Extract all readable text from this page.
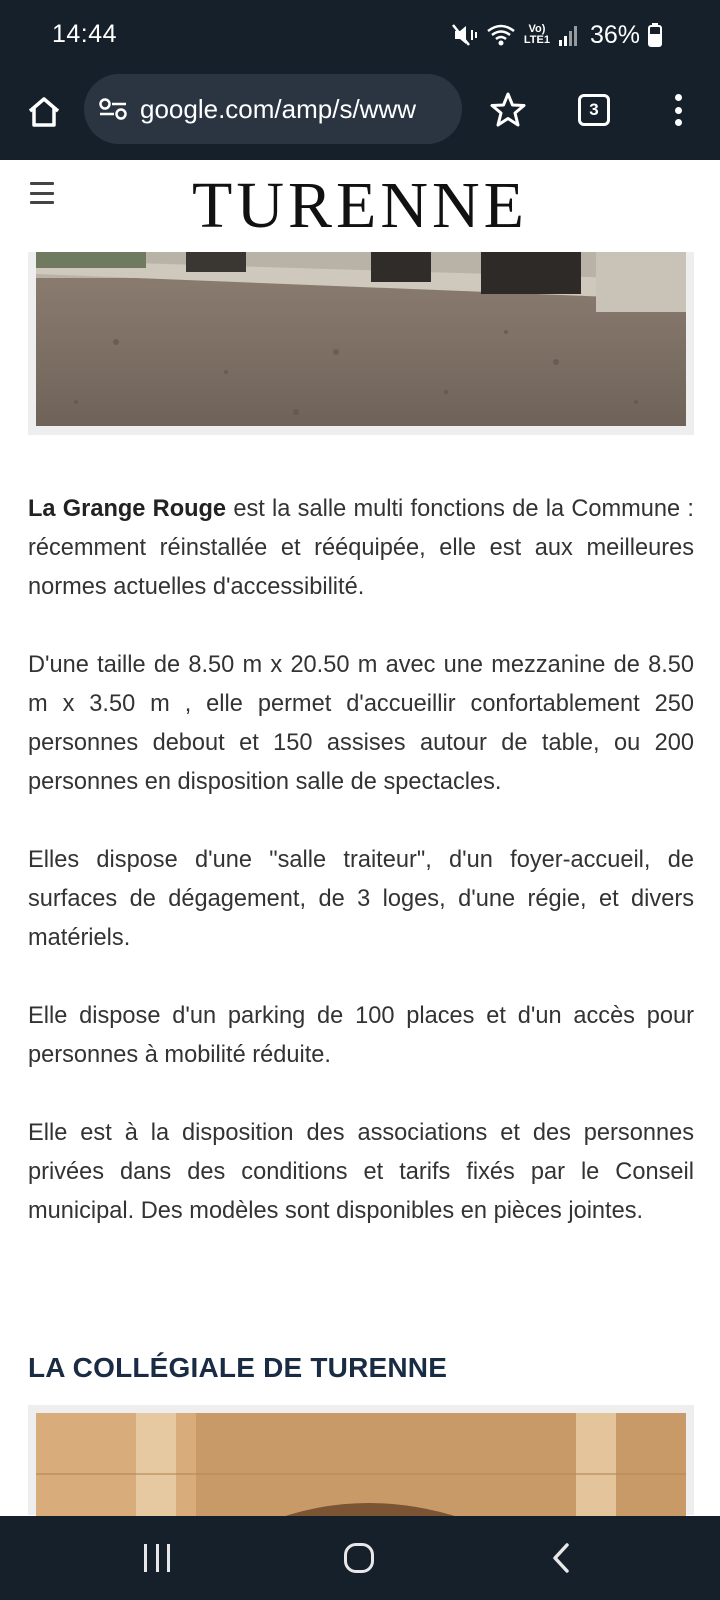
14:44	Vo)
LTE1 36%
google.com/amp/s/www	3
TURENNE

La Grange Rouge est la salle multi fonctions de la Commune : récemment réinstallée et rééquipée, elle est aux meilleures normes actuelles d'accessibilité.

D'une taille de 8.50 m x 20.50 m avec une mezzanine de 8.50 m x 3.50 m , elle permet d'accueillir confortablement 250 personnes debout et 150 assises autour de table, ou 200 personnes en disposition salle de spectacles.

Elles dispose d'une "salle traiteur", d'un foyer-accueil, de surfaces de dégagement, de 3 loges, d'une régie, et divers matériels.

Elle dispose d'un parking de 100 places et d'un accès pour personnes à mobilité réduite.

Elle est à la disposition des associations et des personnes privées dans des conditions et tarifs fixés par le Conseil municipal. Des modèles sont disponibles en pièces jointes.

LA COLLÉGIALE DE TURENNE
